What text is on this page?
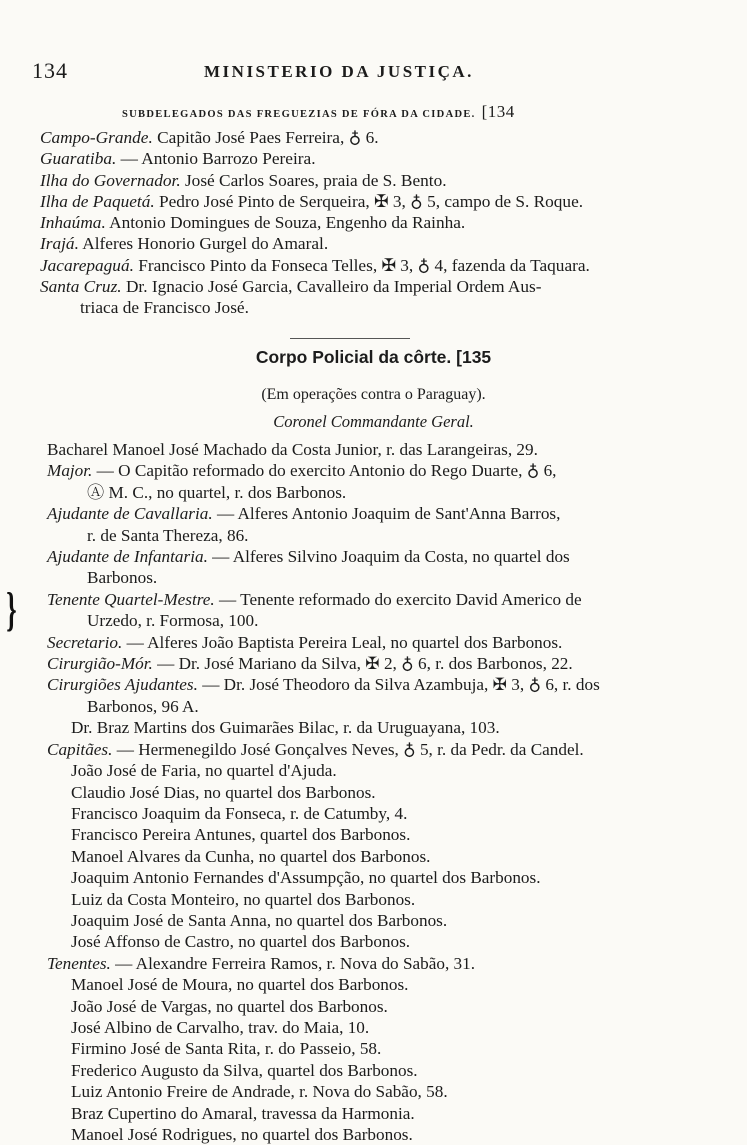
134	MINISTERIO DA JUSTIÇA.
SUBDELEGADOS DAS FREGUEZIAS DE FÓRA DA CIDADE. [134
Campo-Grande. Capitão José Paes Ferreira, ♁ 6.
Guaratiba. — Antonio Barrozo Pereira.
Ilha do Governador. José Carlos Soares, praia de S. Bento.
Ilha de Paquetá. Pedro José Pinto de Serqueira, ✠ 3, ♁ 5, campo de S. Roque.
Inhaúma. Antonio Domingues de Souza, Engenho da Rainha.
Irajá. Alferes Honorio Gurgel do Amaral.
Jacarepaguá. Francisco Pinto da Fonseca Telles, ✠ 3, ♁ 4, fazenda da Taquara.
Santa Cruz. Dr. Ignacio José Garcia, Cavalleiro da Imperial Ordem Aus-
triaca de Francisco José.
Corpo Policial da côrte. [135
(Em operações contra o Paraguay).
Coronel Commandante Geral.
Bacharel Manoel José Machado da Costa Junior, r. das Larangeiras, 29.
Major. — O Capitão reformado do exercito Antonio do Rego Duarte, ♁ 6,
Ⓐ M. C., no quartel, r. dos Barbonos.
Ajudante de Cavallaria. — Alferes Antonio Joaquim de Sant'Anna Barros,
r. de Santa Thereza, 86.
Ajudante de Infantaria. — Alferes Silvino Joaquim da Costa, no quartel dos
Barbonos.
Tenente Quartel-Mestre. — Tenente reformado do exercito David Americo de
Urzedo, r. Formosa, 100.
Secretario. — Alferes João Baptista Pereira Leal, no quartel dos Barbonos.
Cirurgião-Mór. — Dr. José Mariano da Silva, ✠ 2, ♁ 6, r. dos Barbonos, 22.
Cirurgiões Ajudantes. — Dr. José Theodoro da Silva Azambuja, ✠ 3, ♁ 6, r. dos
Barbonos, 96 A.
Dr. Braz Martins dos Guimarães Bilac, r. da Uruguayana, 103.
Capitães. — Hermenegildo José Gonçalves Neves, ♁ 5, r. da Pedr. da Candel.
João José de Faria, no quartel d'Ajuda.
Claudio José Dias, no quartel dos Barbonos.
Francisco Joaquim da Fonseca, r. de Catumby, 4.
Francisco Pereira Antunes, quartel dos Barbonos.
Manoel Alvares da Cunha, no quartel dos Barbonos.
Joaquim Antonio Fernandes d'Assumpção, no quartel dos Barbonos.
Luiz da Costa Monteiro, no quartel dos Barbonos.
Joaquim José de Santa Anna, no quartel dos Barbonos.
José Affonso de Castro, no quartel dos Barbonos.
Tenentes. — Alexandre Ferreira Ramos, r. Nova do Sabão, 31.
Manoel José de Moura, no quartel dos Barbonos.
João José de Vargas, no quartel dos Barbonos.
José Albino de Carvalho, trav. do Maia, 10.
Firmino José de Santa Rita, r. do Passeio, 58.
Frederico Augusto da Silva, quartel dos Barbonos.
Luiz Antonio Freire de Andrade, r. Nova do Sabão, 58.
Braz Cupertino do Amaral, travessa da Harmonia.
Manoel José Rodrigues, no quartel dos Barbonos.
}
